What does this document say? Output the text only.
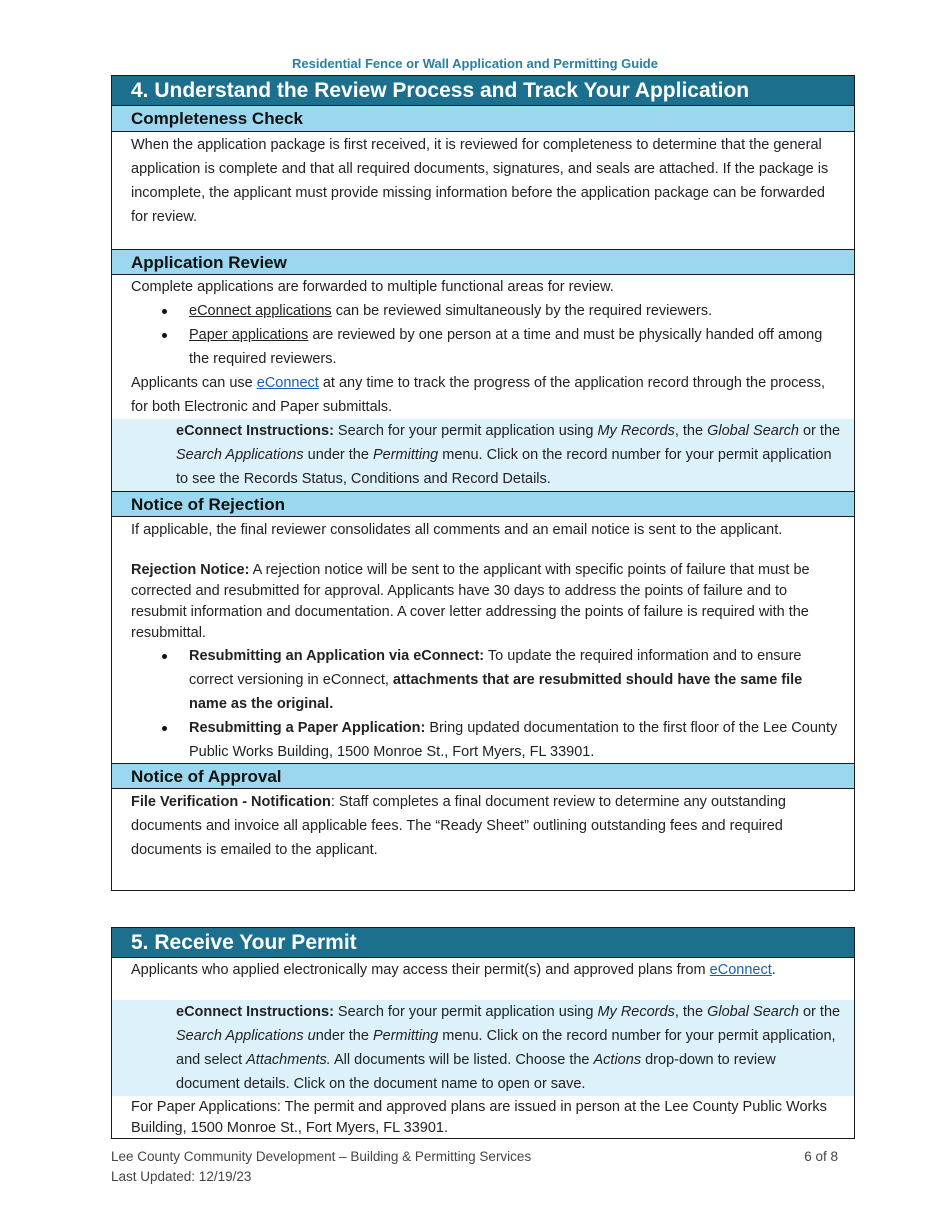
Residential Fence or Wall Application and Permitting Guide
4. Understand the Review Process and Track Your Application
Completeness Check

When the application package is first received, it is reviewed for completeness to determine that the general application is complete and that all required documents, signatures, and seals are attached. If the package is incomplete, the applicant must provide missing information before the application package can be forwarded for review.

Application Review

Complete applications are forwarded to multiple functional areas for review.

eConnect applications can be reviewed simultaneously by the required reviewers.
Paper applications are reviewed by one person at a time and must be physically handed off among the required reviewers.

Applicants can use eConnect at any time to track the progress of the application record through the process, for both Electronic and Paper submittals.

eConnect Instructions: Search for your permit application using My Records, the Global Search or the Search Applications under the Permitting menu. Click on the record number for your permit application to see the Records Status, Conditions and Record Details.
Notice of Rejection

If applicable, the final reviewer consolidates all comments and an email notice is sent to the applicant.

Rejection Notice: A rejection notice will be sent to the applicant with specific points of failure that must be corrected and resubmitted for approval. Applicants have 30 days to address the points of failure and to resubmit information and documentation. A cover letter addressing the points of failure is required with the resubmittal.

Resubmitting an Application via eConnect: To update the required information and to ensure correct versioning in eConnect, attachments that are resubmitted should have the same file name as the original.
Resubmitting a Paper Application: Bring updated documentation to the first floor of the Lee County Public Works Building, 1500 Monroe St., Fort Myers, FL 33901.
Notice of Approval

File Verification - Notification: Staff completes a final document review to determine any outstanding documents and invoice all applicable fees. The “Ready Sheet” outlining outstanding fees and required documents is emailed to the applicant.

5. Receive Your Permit

Applicants who applied electronically may access their permit(s) and approved plans from eConnect.

eConnect Instructions: Search for your permit application using My Records, the Global Search or the Search Applications under the Permitting menu. Click on the record number for your permit application, and select Attachments. All documents will be listed. Choose the Actions drop-down to review document details. Click on the document name to open or save.
For Paper Applications: The permit and approved plans are issued in person at the Lee County Public Works Building, 1500 Monroe St., Fort Myers, FL 33901.
Lee County Community Development – Building & Permitting Services
Last Updated: 12/19/23
6 of 8
